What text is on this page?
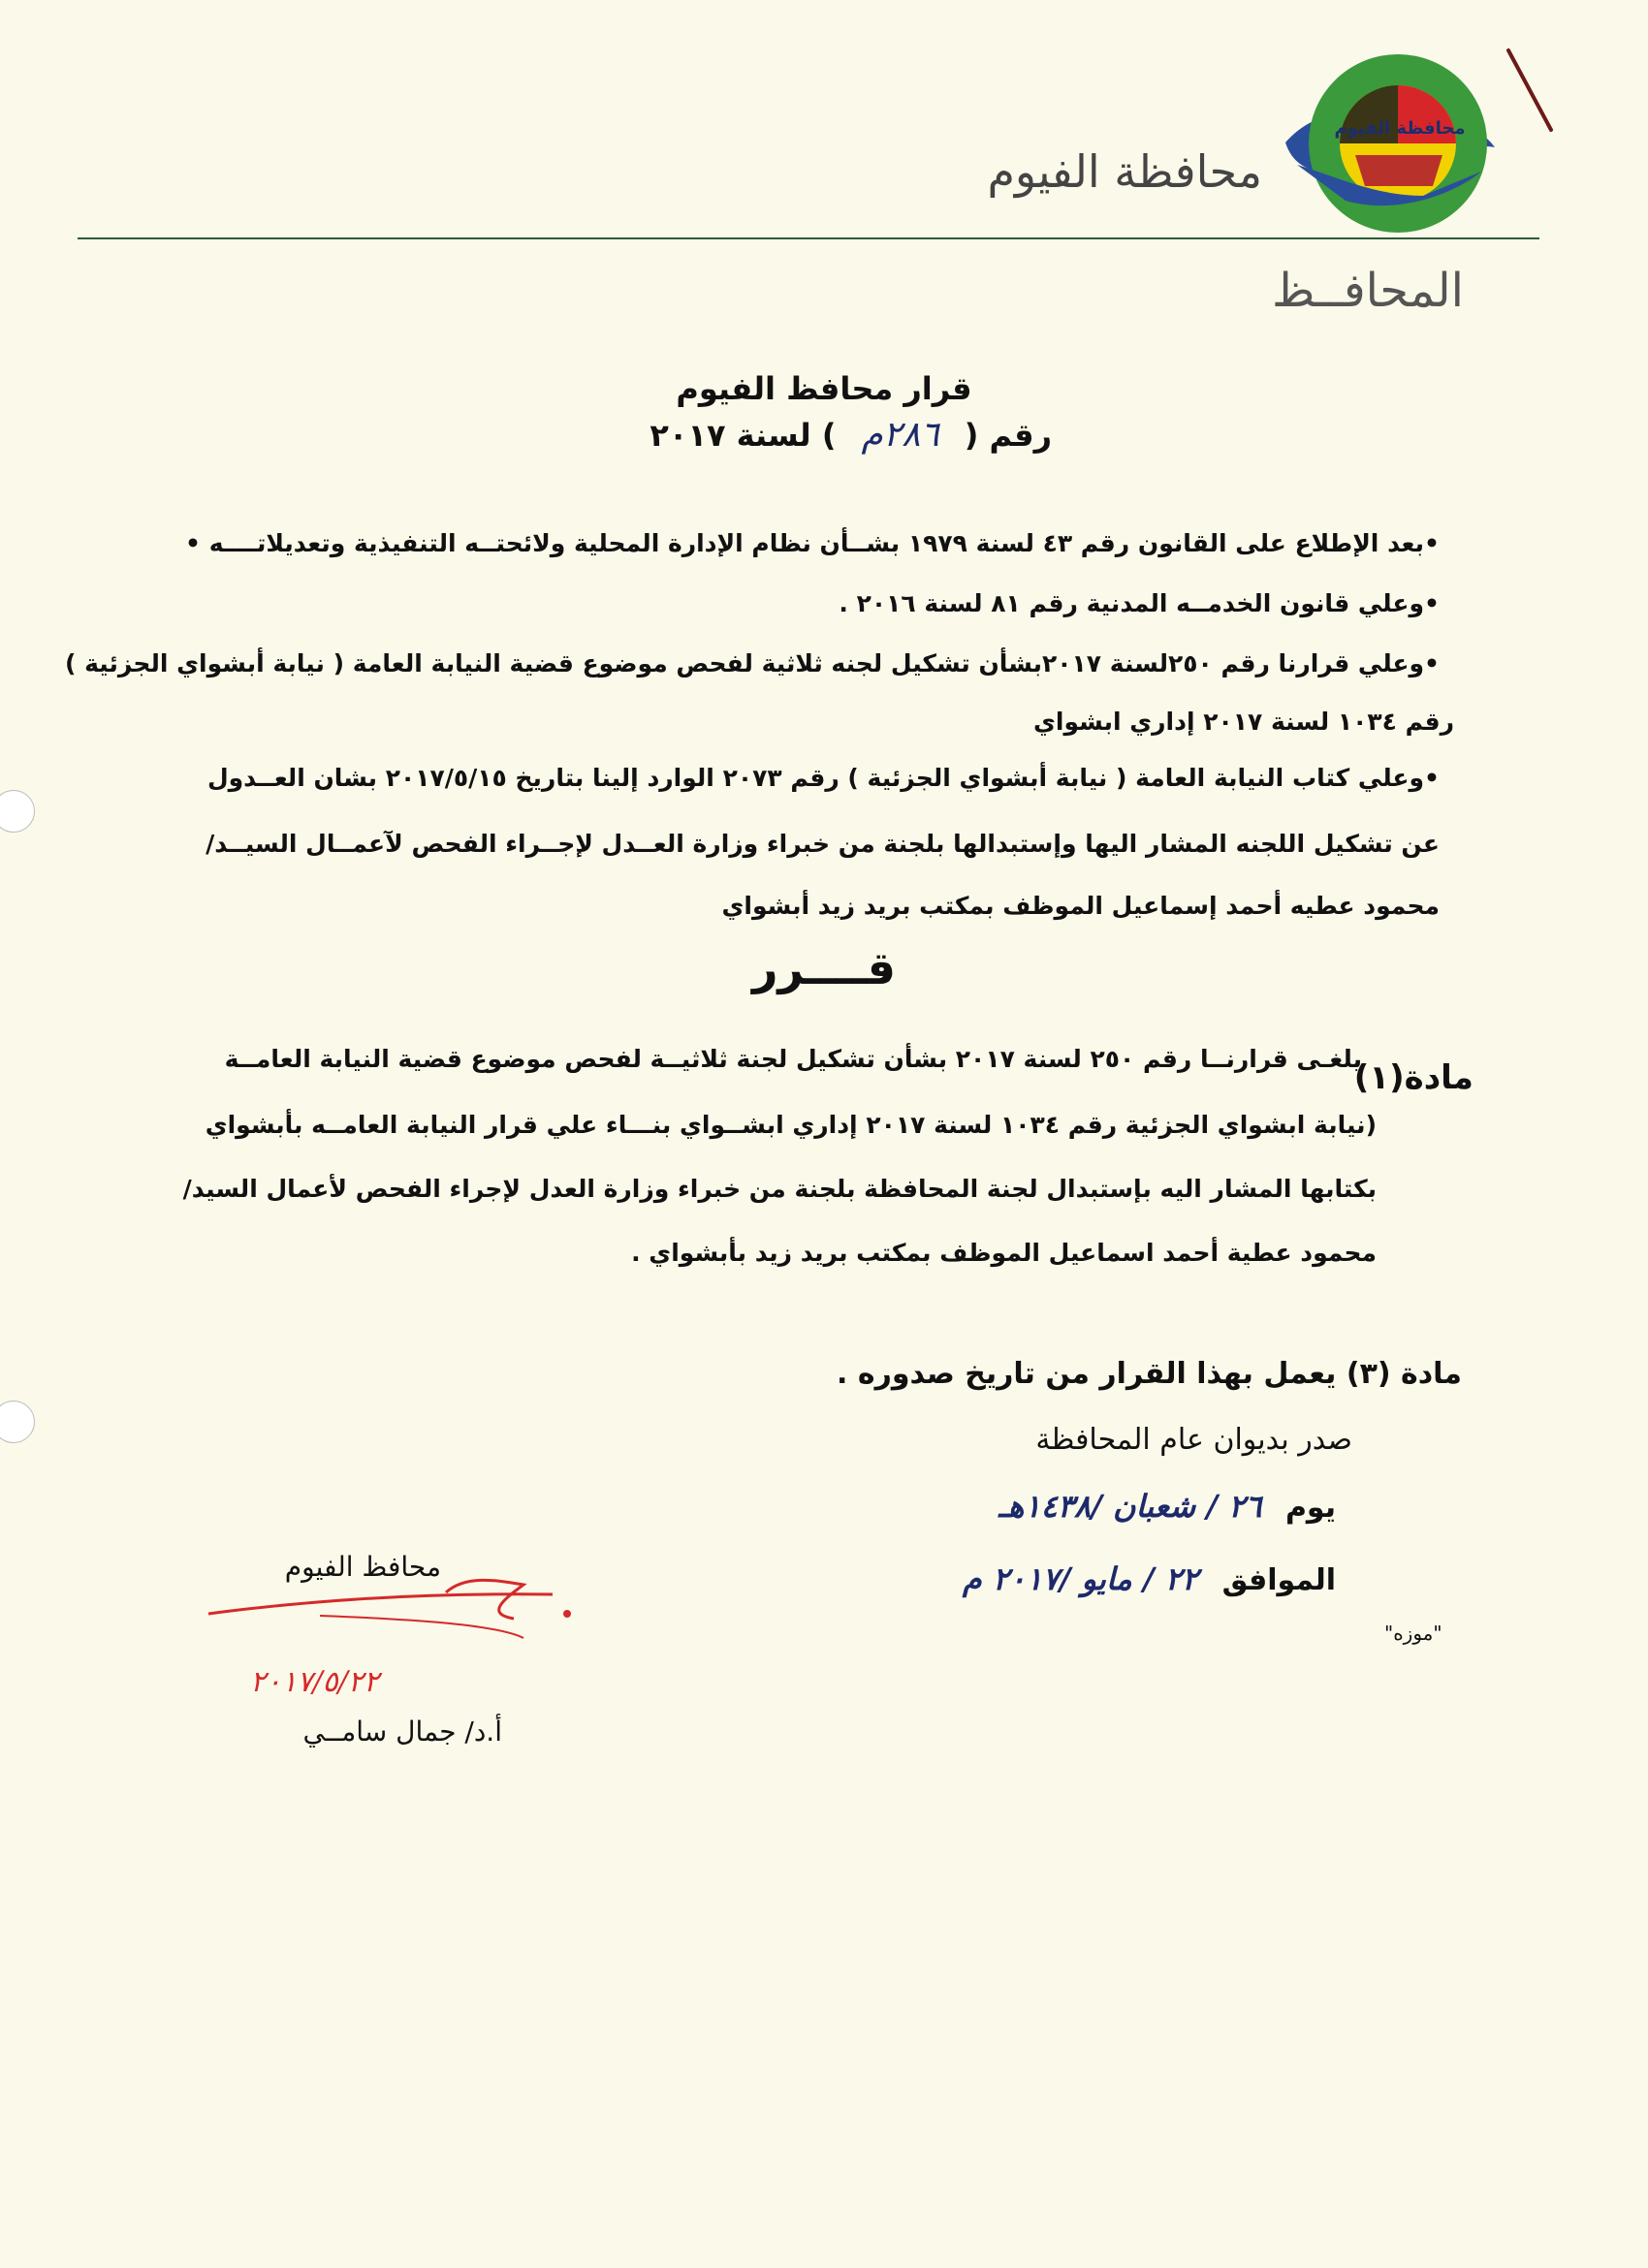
محافظة الفيوم
محافظة الفيوم
المحافــظ
قرار محافظ الفيوم
رقم (٢٨٦م) لسنة ٢٠١٧
•بعد الإطلاع على القانون رقم ٤٣ لسنة ١٩٧٩ بشــأن نظام الإدارة المحلية ولائحتــه التنفيذية وتعديلاتــــه •
•وعلي قانون الخدمــه المدنية رقم ٨١ لسنة ٢٠١٦ .
•وعلي قرارنا رقم ٢٥٠لسنة ٢٠١٧بشأن تشكيل لجنه ثلاثية لفحص موضوع قضية النيابة العامة ( نيابة أبشواي الجزئية )
رقم ١٠٣٤ لسنة ٢٠١٧ إداري ابشواي
•وعلي كتاب النيابة العامة ( نيابة أبشواي الجزئية ) رقم ٢٠٧٣ الوارد إلينا بتاريخ ٢٠١٧/٥/١٥ بشان العــدول
عن تشكيل اللجنه المشار اليها وإستبدالها بلجنة من خبراء وزارة العــدل لإجــراء الفحص لآعمــال السيــد/
محمود عطيه أحمد إسماعيل الموظف بمكتب بريد زيد أبشواي
قــــرر
مادة(١)
يلغـى قرارنــا رقم ٢٥٠ لسنة ٢٠١٧ بشأن تشكيل لجنة ثلاثيــة لفحص موضوع قضية النيابة العامــة
(نيابة ابشواي الجزئية رقم ١٠٣٤ لسنة ٢٠١٧ إداري ابشــواي بنـــاء علي قرار النيابة العامــه بأبشواي
بكتابها المشار اليه بإستبدال لجنة المحافظة بلجنة من خبراء وزارة العدل لإجراء الفحص لأعمال السيد/
محمود عطية أحمد اسماعيل الموظف بمكتب بريد زيد بأبشواي .
مادة (٣) يعمل بهذا القرار من تاريخ صدوره .
صدر بديوان عام المحافظة
يوم ٢٦ / شعبان /١٤٣٨هـ
الموافق ٢٢ / مايو /٢٠١٧ م
"موزه"
محافظ الفيوم
٢٠١٧/٥/٢٢
أ.د/ جمال سامــي
